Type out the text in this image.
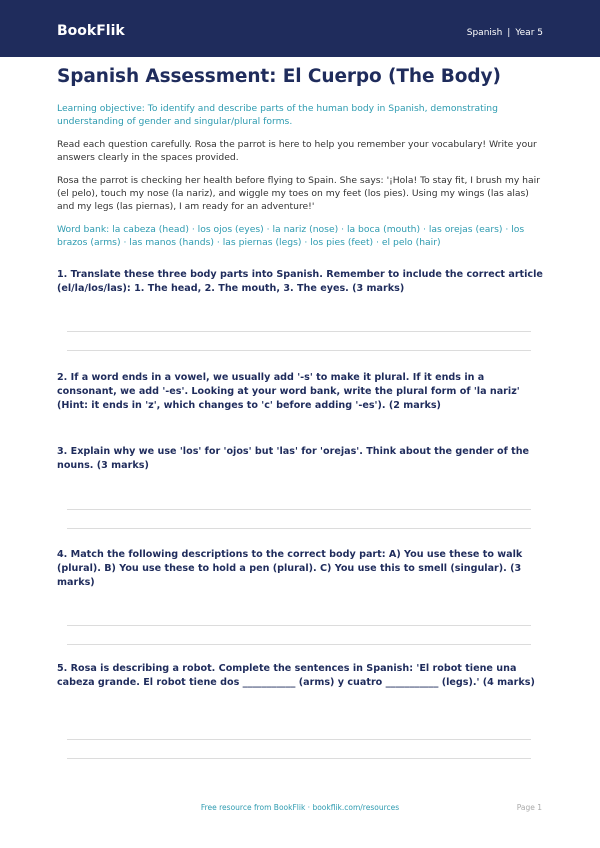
BookFlik	Spanish | Year 5
Spanish Assessment: El Cuerpo (The Body)

Learning objective: To identify and describe parts of the human body in Spanish, demonstrating understanding of gender and singular/plural forms.

Read each question carefully. Rosa the parrot is here to help you remember your vocabulary! Write your answers clearly in the spaces provided.

Rosa the parrot is checking her health before flying to Spain. She says: '¡Hola! To stay fit, I brush my hair (el pelo), touch my nose (la nariz), and wiggle my toes on my feet (los pies). Using my wings (las alas) and my legs (las piernas), I am ready for an adventure!'

Word bank: la cabeza (head) · los ojos (eyes) · la nariz (nose) · la boca (mouth) · las orejas (ears) · los brazos (arms) · las manos (hands) · las piernas (legs) · los pies (feet) · el pelo (hair)

1. Translate these three body parts into Spanish. Remember to include the correct article (el/la/los/las): 1. The head, 2. The mouth, 3. The eyes. (3 marks)

2. If a word ends in a vowel, we usually add '-s' to make it plural. If it ends in a consonant, we add '-es'. Looking at your word bank, write the plural form of 'la nariz' (Hint: it ends in 'z', which changes to 'c' before adding '-es'). (2 marks)

3. Explain why we use 'los' for 'ojos' but 'las' for 'orejas'. Think about the gender of the nouns. (3 marks)

4. Match the following descriptions to the correct body part: A) You use these to walk (plural). B) You use these to hold a pen (plural). C) You use this to smell (singular). (3 marks)

5. Rosa is describing a robot. Complete the sentences in Spanish: 'El robot tiene una cabeza grande. El robot tiene dos ___________ (arms) y cuatro ___________ (legs).' (4 marks)

Free resource from BookFlik · bookflik.com/resources	Page 1
